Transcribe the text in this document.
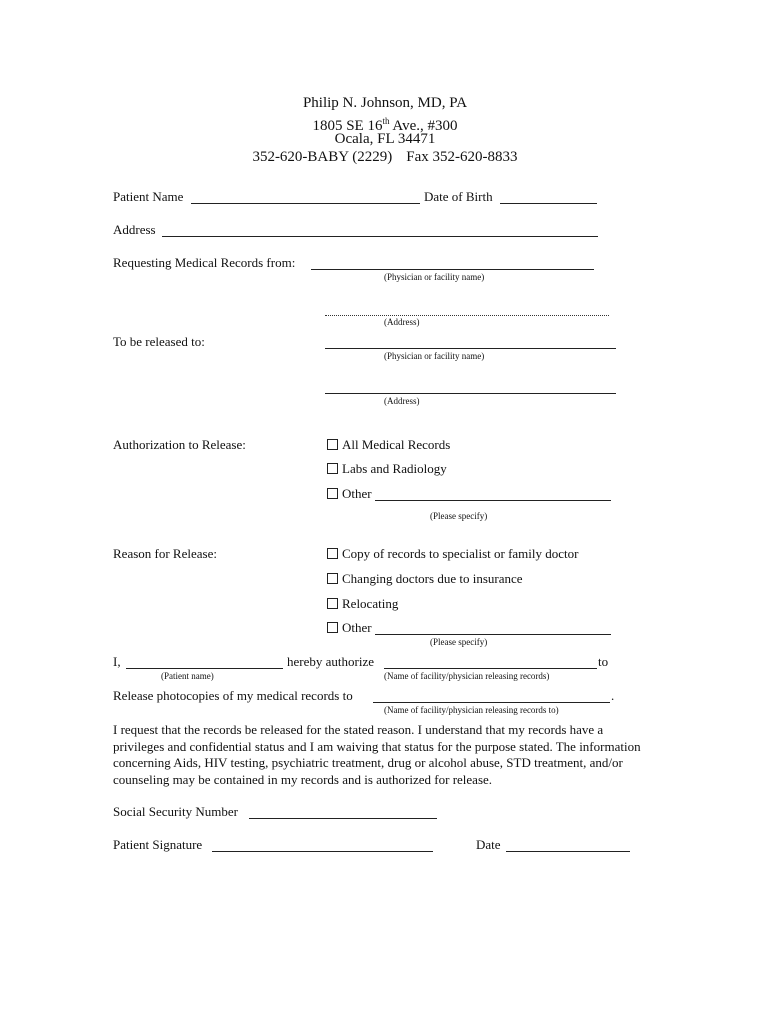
Philip N. Johnson, MD, PA
1805 SE 16th Ave., #300
Ocala, FL 34471
352-620-BABY (2229) Fax 352-620-8833
Patient Name	Date of Birth
Address
Requesting Medical Records from:
(Physician or facility name)
(Address)
To be released to:
(Physician or facility name)
(Address)
Authorization to Release:	All Medical Records
Labs and Radiology
Other
(Please specify)
Reason for Release:	Copy of records to specialist or family doctor
Changing doctors due to insurance
Relocating
Other
(Please specify)
I,	hereby authorize	to
(Patient name)	(Name of facility/physician releasing records)
Release photocopies of my medical records to	.
(Name of facility/physician releasing records to)
I request that the records be released for the stated reason. I understand that my records have a privileges and confidential status and I am waiving that status for the purpose stated. The information concerning Aids, HIV testing, psychiatric treatment, drug or alcohol abuse, STD treatment, and/or counseling may be contained in my records and is authorized for release.
Social Security Number
Patient Signature	Date
